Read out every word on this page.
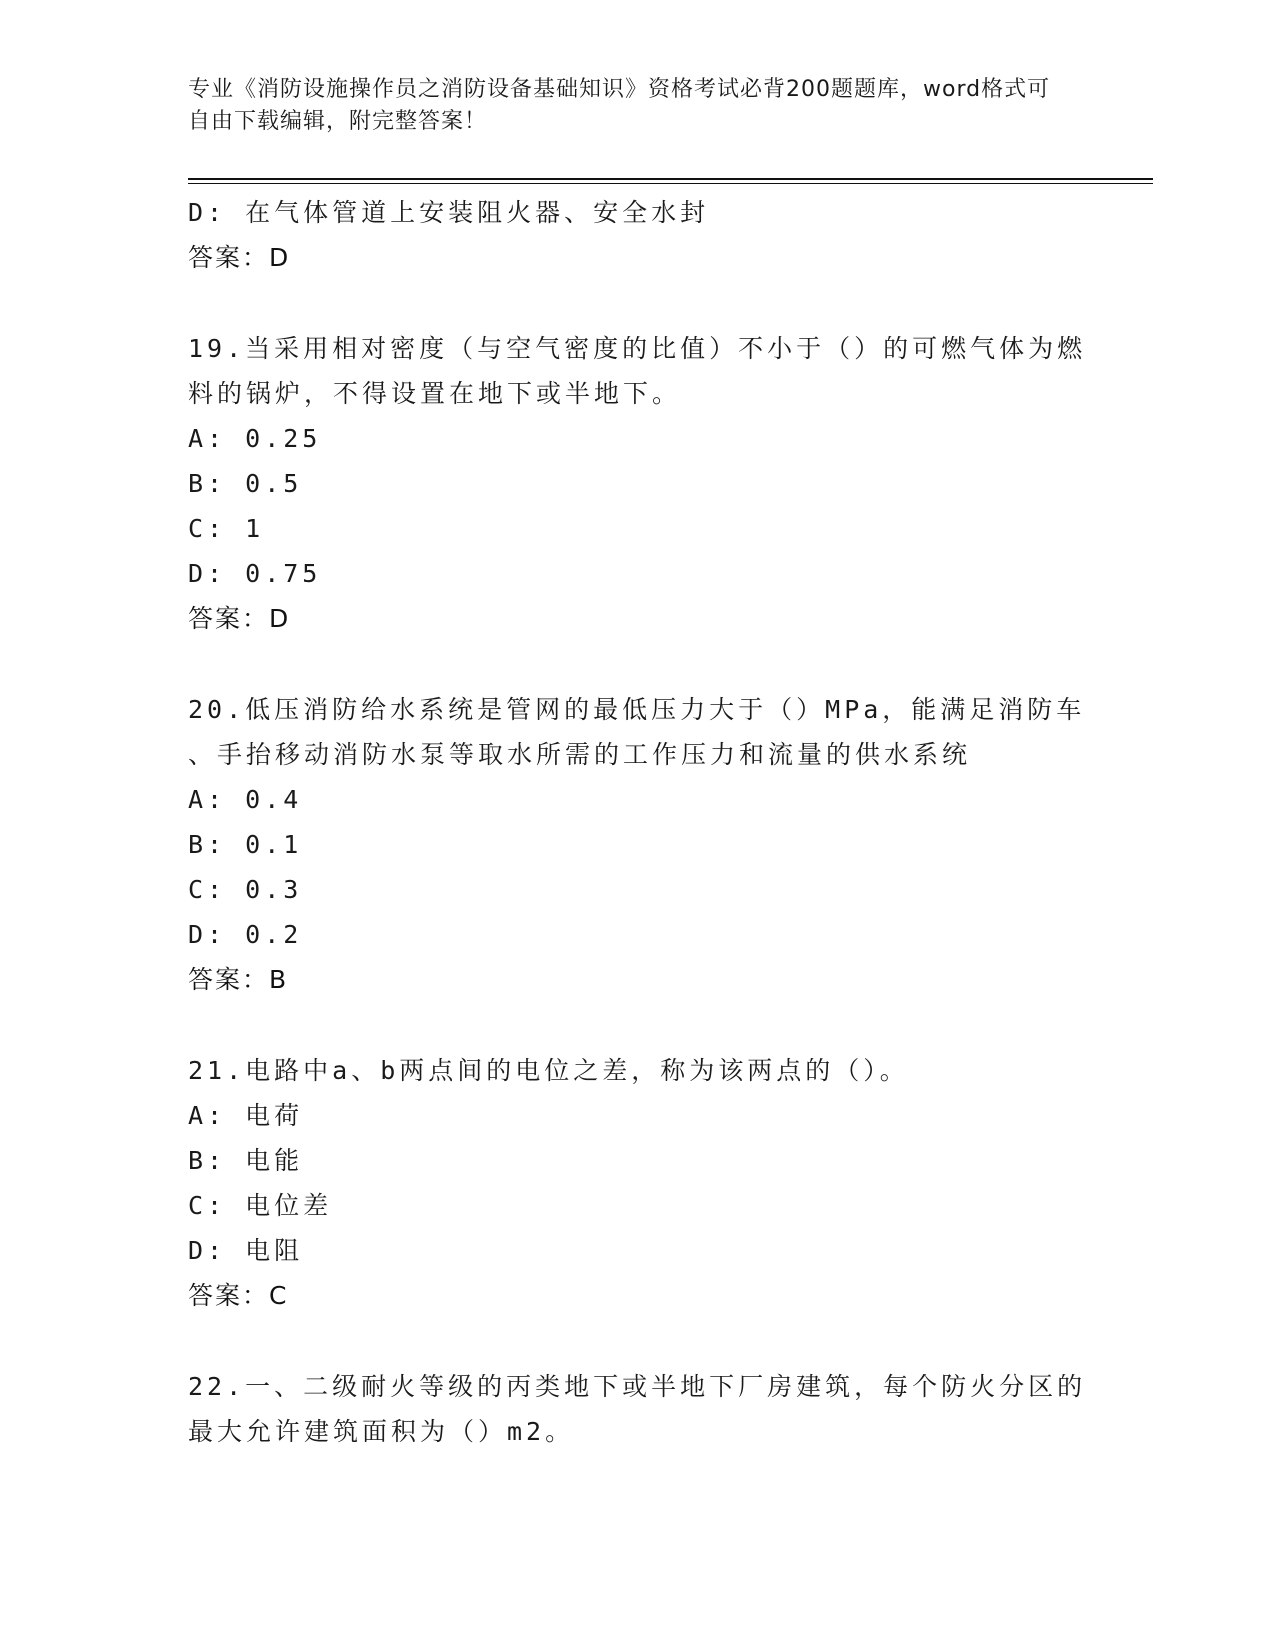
专业《消防设施操作员之消防设备基础知识》资格考试必背200题题库，word格式可自由下载编辑，附完整答案！
D: 在气体管道上安装阻火器、安全水封
答案：D
19.当采用相对密度（与空气密度的比值）不小于（）的可燃气体为燃
料的锅炉，不得设置在地下或半地下。
A: 0.25
B: 0.5
C: 1
D: 0.75
答案：D
20.低压消防给水系统是管网的最低压力大于（）MPa，能满足消防车
、手抬移动消防水泵等取水所需的工作压力和流量的供水系统
A: 0.4
B: 0.1
C: 0.3
D: 0.2
答案：B
21.电路中a、b两点间的电位之差，称为该两点的（）。
A: 电荷
B: 电能
C: 电位差
D: 电阻
答案：C
22.一、二级耐火等级的丙类地下或半地下厂房建筑，每个防火分区的
最大允许建筑面积为（）m2。
